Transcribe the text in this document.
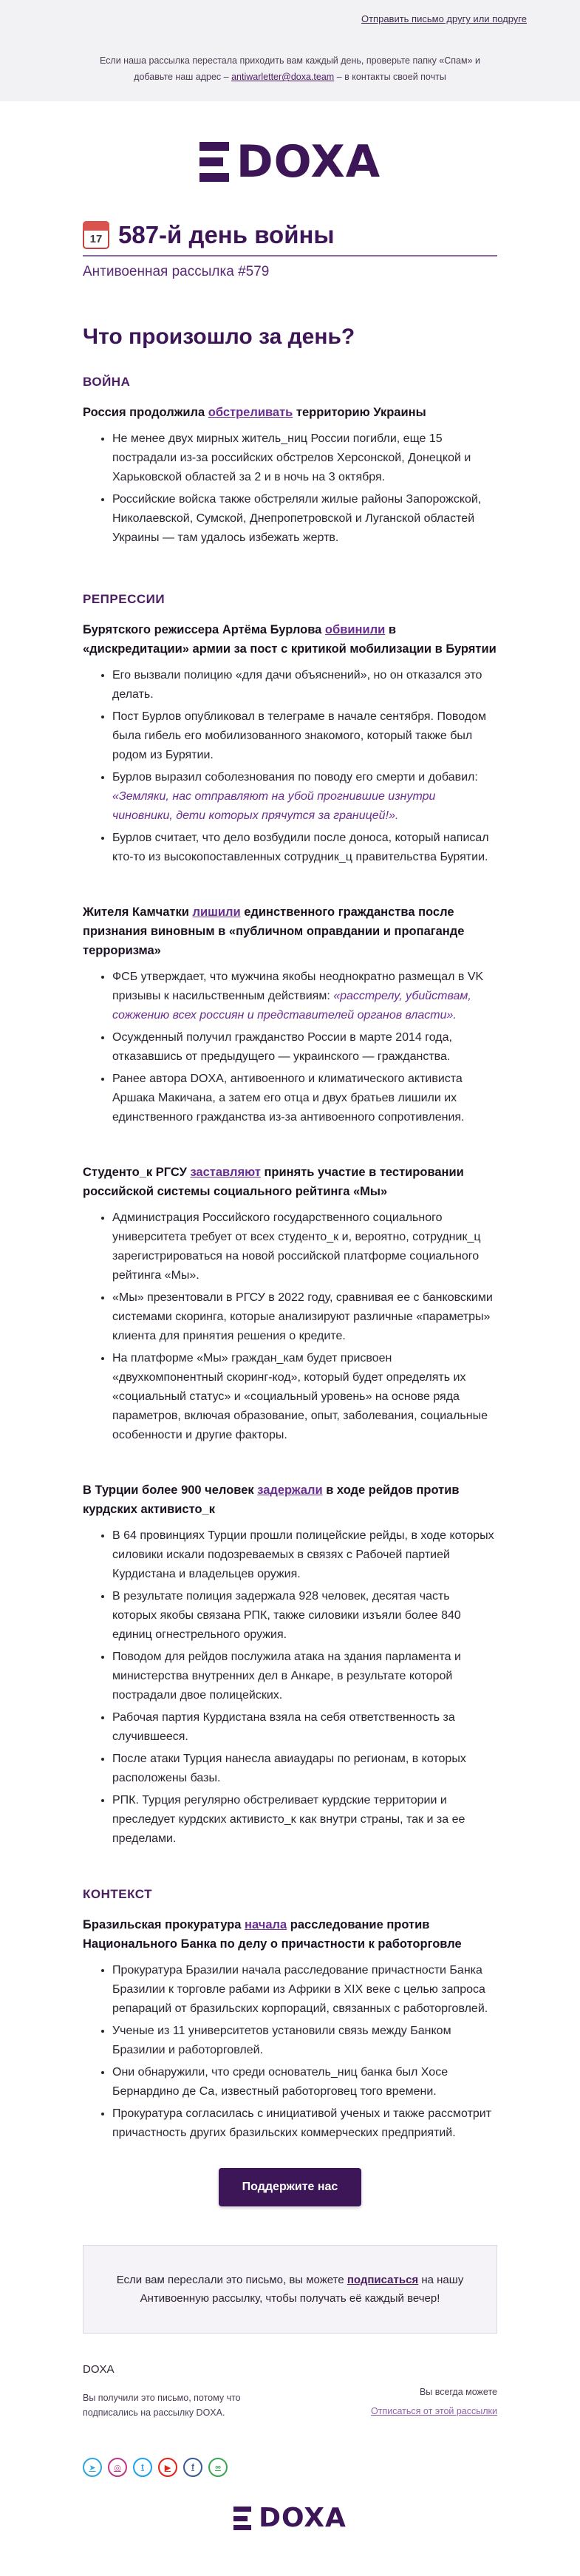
Отправить письмо другу или подруге

Если наша рассылка перестала приходить вам каждый день, проверьте папку «Спам» и добавьте наш адрес – antiwarletter@doxa.team – в контакты своей почты

DOXA
17 587-й день войны
Антивоенная рассылка #579
Что произошло за день?
ВОЙНА

Россия продолжила обстреливать территорию Украины

• Не менее двух мирных житель_ниц России погибли, еще 15 пострадали из-за российских обстрелов Херсонской, Донецкой и Харьковской областей за 2 и в ночь на 3 октября.
• Российские войска также обстреляли жилые районы Запорожской, Николаевской, Сумской, Днепропетровской и Луганской областей Украины — там удалось избежать жертв.
РЕПРЕССИИ

Бурятского режиссера Артёма Бурлова обвинили в «дискредитации» армии за пост с критикой мобилизации в Бурятии

• Его вызвали полицию «для дачи объяснений», но он отказался это делать.
• Пост Бурлов опубликовал в телеграме в начале сентября. Поводом была гибель его мобилизованного знакомого, который также был родом из Бурятии.
• Бурлов выразил соболезнования по поводу его смерти и добавил: «Земляки, нас отправляют на убой прогнившие изнутри чиновники, дети которых прячутся за границей!».
• Бурлов считает, что дело возбудили после доноса, который написал кто-то из высокопоставленных сотрудник_ц правительства Бурятии.

Жителя Камчатки лишили единственного гражданства после признания виновным в «публичном оправдании и пропаганде терроризма»

• ФСБ утверждает, что мужчина якобы неоднократно размещал в VK призывы к насильственным действиям: «расстрелу, убийствам, сожжению всех россиян и представителей органов власти».
• Осужденный получил гражданство России в марте 2014 года, отказавшись от предыдущего — украинского — гражданства.
• Ранее автора DOXA, антивоенного и климатического активиста Аршака Макичана, а затем его отца и двух братьев лишили их единственного гражданства из-за антивоенного сопротивления.

Студенто_к РГСУ заставляют принять участие в тестировании российской системы социального рейтинга «Мы»

• Администрация Российского государственного социального университета требует от всех студенто_к и, вероятно, сотрудник_ц зарегистрироваться на новой российской платформе социального рейтинга «Мы».
• «Мы» презентовали в РГСУ в 2022 году, сравнивая ее с банковскими системами скоринга, которые анализируют различные «параметры» клиента для принятия решения о кредите.
• На платформе «Мы» граждан_кам будет присвоен «двухкомпонентный скоринг-код», который будет определять их «социальный статус» и «социальный уровень» на основе ряда параметров, включая образование, опыт, заболевания, социальные особенности и другие факторы.

В Турции более 900 человек задержали в ходе рейдов против курдских активисто_к

• В 64 провинциях Турции прошли полицейские рейды, в ходе которых силовики искали подозреваемых в связях с Рабочей партией Курдистана и владельцев оружия.
• В результате полиция задержала 928 человек, десятая часть которых якобы связана РПК, также силовики изъяли более 840 единиц огнестрельного оружия.
• Поводом для рейдов послужила атака на здания парламента и министерства внутренних дел в Анкаре, в результате которой пострадали двое полицейских.
• Рабочая партия Курдистана взяла на себя ответственность за случившееся.
• После атаки Турция нанесла авиаудары по регионам, в которых расположены базы.
• РПК. Турция регулярно обстреливает курдские территории и преследует курдских активисто_к как внутри страны, так и за ее пределами.
КОНТЕКСТ

Бразильская прокуратура начала расследование против Национального Банка по делу о причастности к работорговле

• Прокуратура Бразилии начала расследование причастности Банка Бразилии к торговле рабами из Африки в XIX веке с целью запроса репараций от бразильских корпораций, связанных с работорговлей.
• Ученые из 11 университетов установили связь между Банком Бразилии и работорговлей.
• Они обнаружили, что среди основатель_ниц банка был Хосе Бернардино де Са, известный работорговец того времени.
• Прокуратура согласилась с инициативой ученых и также рассмотрит причастность других бразильских коммерческих предприятий.
Поддержите нас
Если вам переслали это письмо, вы можете подписаться на нашу Антивоенную рассылку, чтобы получать её каждый вечер!
DOXA

Вы получили это письмо, потому что подписались на рассылку DOXA.

Вы всегда можете
Отписаться от этой рассылки
➤	◎	t	▶	f	∞
DOXA
